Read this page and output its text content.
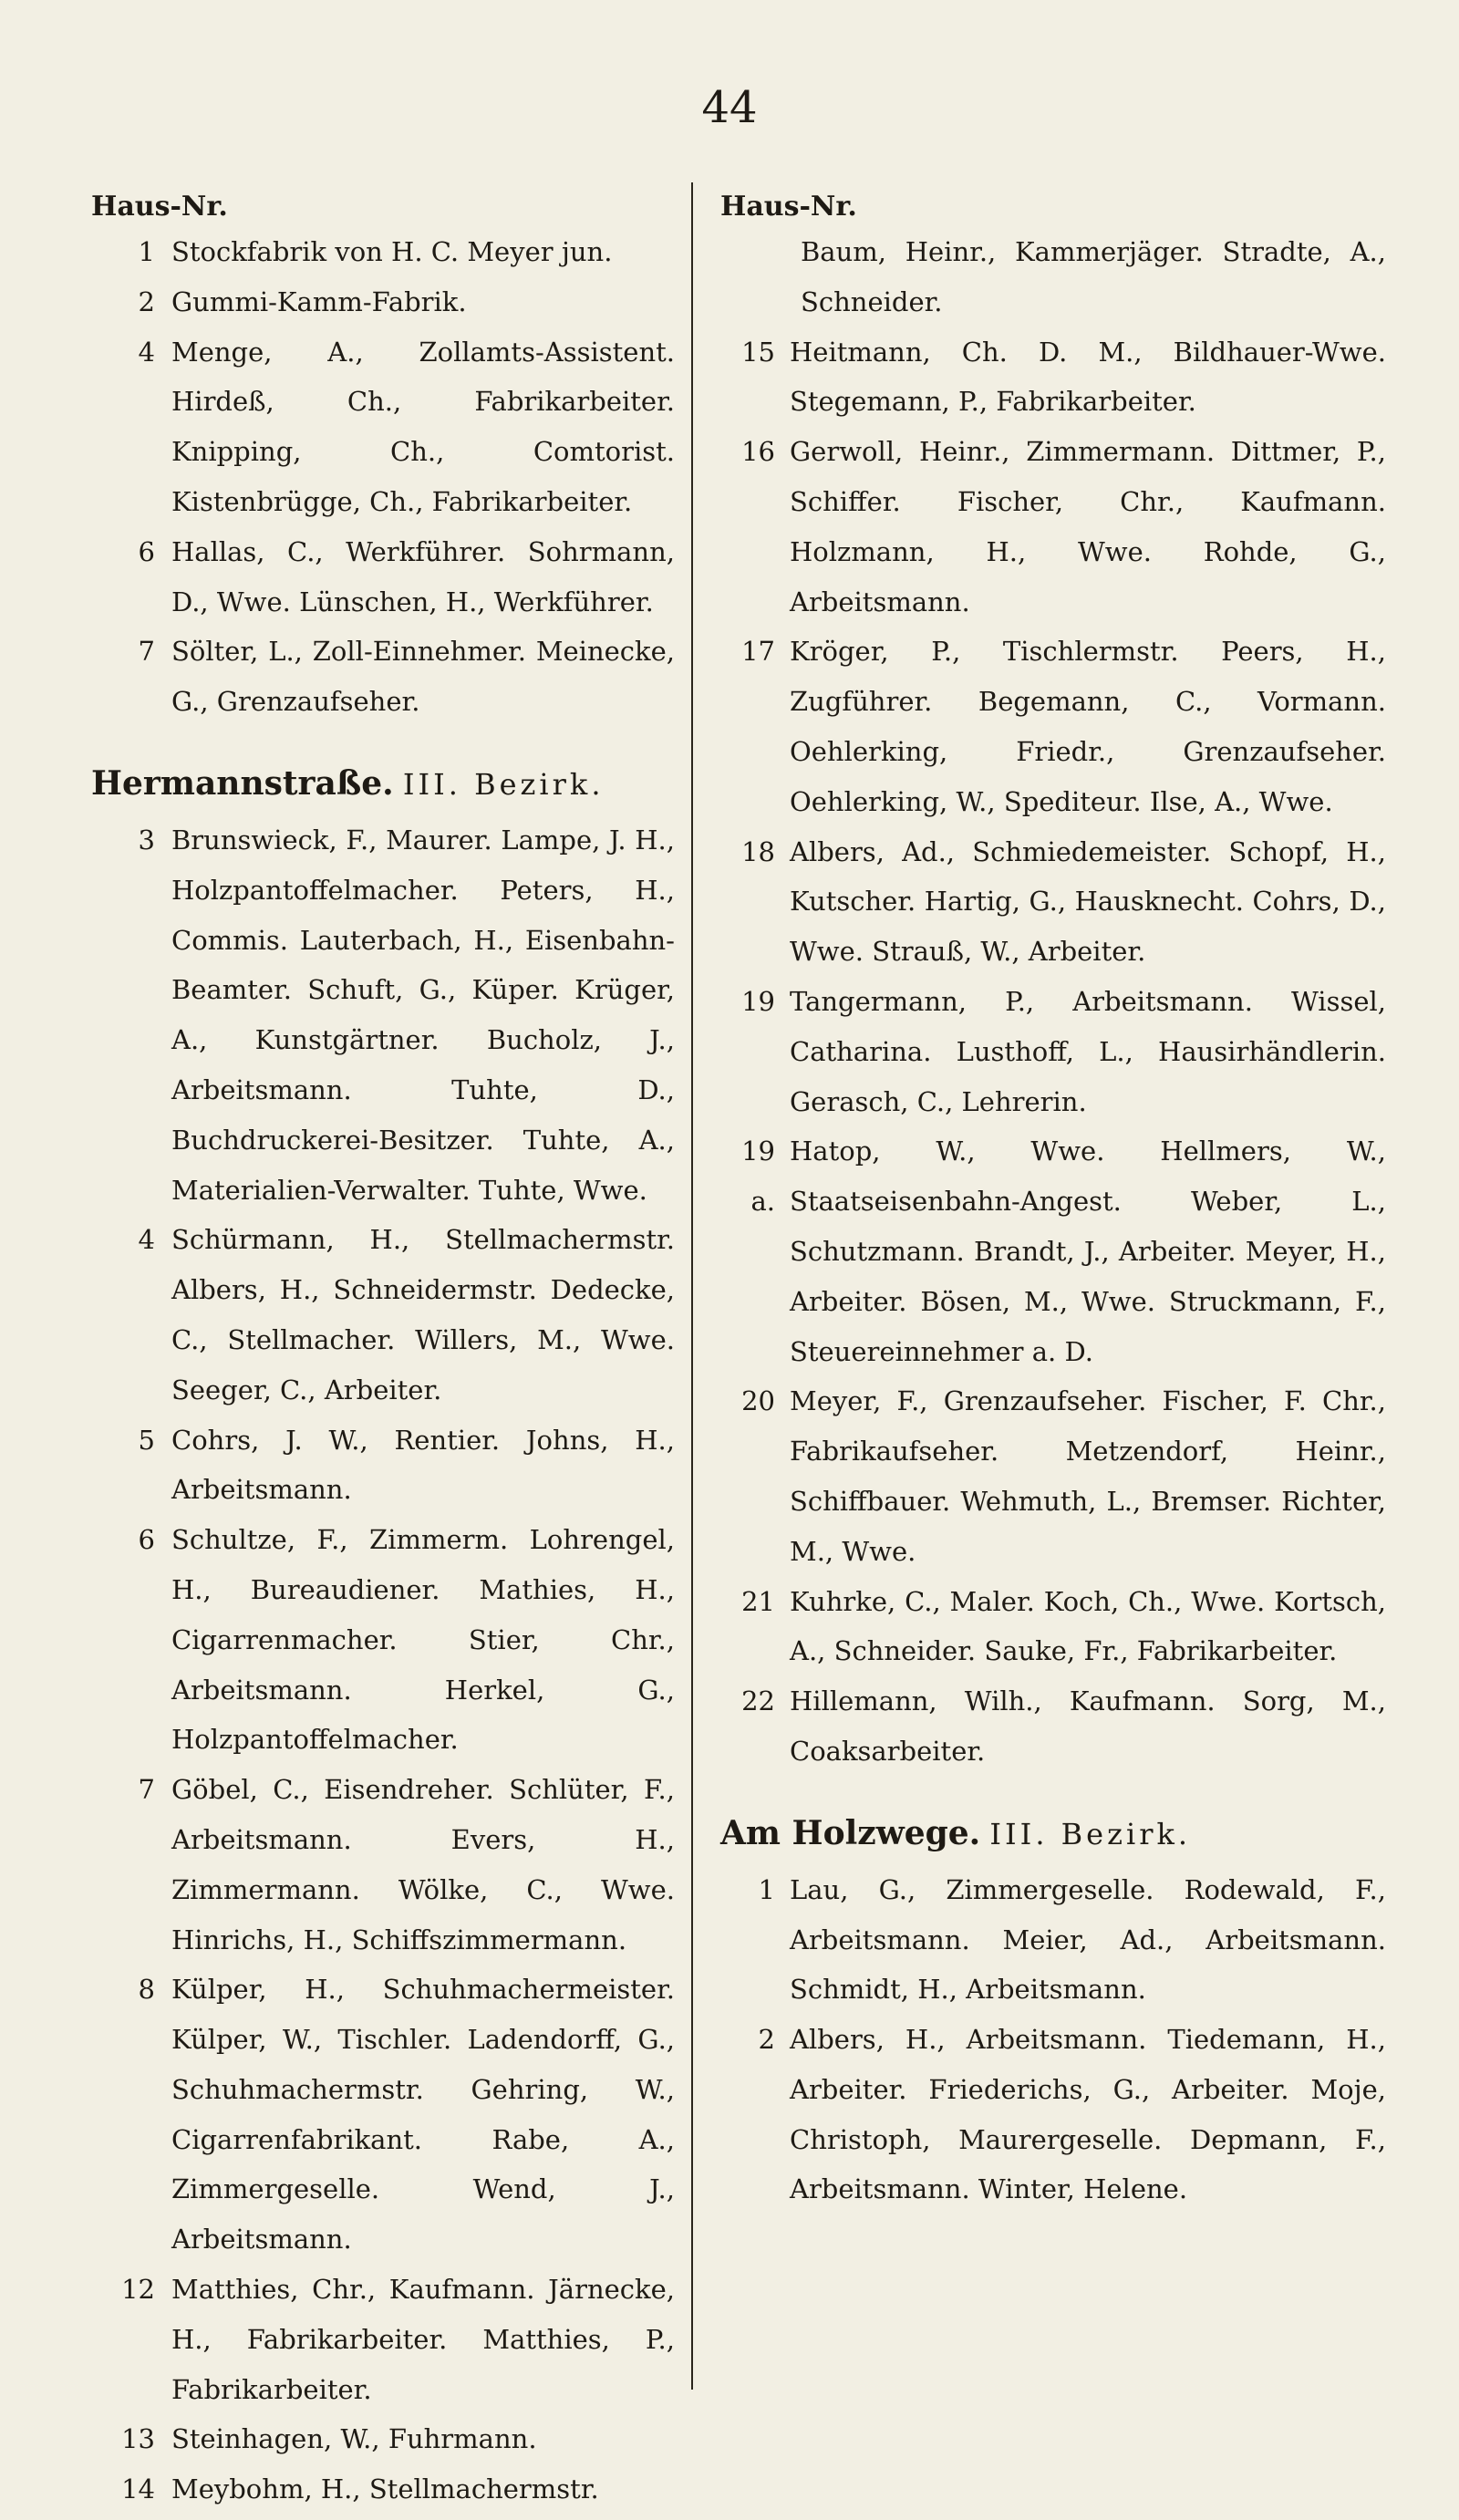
44
Haus-Nr.
1 Stockfabrik von H. C. Meyer jun.
2 Gummi-Kamm-Fabrik.
4 Menge, A., Zollamts-Assistent. Hirdeß, Ch., Fabrikarbeiter. Knipping, Ch., Comtorist. Kistenbrügge, Ch., Fabrikarbeiter.
6 Hallas, C., Werkführer. Sohrmann, D., Wwe. Lünschen, H., Werkführer.
7 Sölter, L., Zoll-Einnehmer. Meinecke, G., Grenzaufseher.
Hermannstraße. III. Bezirk.
3 Brunswieck, F., Maurer. Lampe, J. H., Holzpantoffelmacher. Peters, H., Commis. Lauterbach, H., Eisenbahn-Beamter. Schuft, G., Küper. Krüger, A., Kunstgärtner. Bucholz, J., Arbeitsmann. Tuhte, D., Buchdruckerei-Besitzer. Tuhte, A., Materialien-Verwalter. Tuhte, Wwe.
4 Schürmann, H., Stellmachermstr. Albers, H., Schneidermstr. Dedecke, C., Stellmacher. Willers, M., Wwe. Seeger, C., Arbeiter.
5 Cohrs, J. W., Rentier. Johns, H., Arbeitsmann.
6 Schultze, F., Zimmerm. Lohrengel, H., Bureaudiener. Mathies, H., Cigarrenmacher. Stier, Chr., Arbeitsmann. Herkel, G., Holzpantoffelmacher.
7 Göbel, C., Eisendreher. Schlüter, F., Arbeitsmann. Evers, H., Zimmermann. Wölke, C., Wwe. Hinrichs, H., Schiffszimmermann.
8 Külper, H., Schuhmachermeister. Külper, W., Tischler. Ladendorff, G., Schuhmachermstr. Gehring, W., Cigarrenfabrikant. Rabe, A., Zimmergeselle. Wend, J., Arbeitsmann.
12 Matthies, Chr., Kaufmann. Järnecke, H., Fabrikarbeiter. Matthies, P., Fabrikarbeiter.
13 Steinhagen, W., Fuhrmann.
14 Meybohm, H., Stellmachermstr.
Haus-Nr.
Baum, Heinr., Kammerjäger. Stradte, A., Schneider.
15 Heitmann, Ch. D. M., Bildhauer-Wwe. Stegemann, P., Fabrikarbeiter.
16 Gerwoll, Heinr., Zimmermann. Dittmer, P., Schiffer. Fischer, Chr., Kaufmann. Holzmann, H., Wwe. Rohde, G., Arbeitsmann.
17 Kröger, P., Tischlermstr. Peers, H., Zugführer. Begemann, C., Vormann. Oehlerking, Friedr., Grenzaufseher. Oehlerking, W., Spediteur. Ilse, A., Wwe.
18 Albers, Ad., Schmiedemeister. Schopf, H., Kutscher. Hartig, G., Hausknecht. Cohrs, D., Wwe. Strauß, W., Arbeiter.
19 Tangermann, P., Arbeitsmann. Wissel, Catharina. Lusthoff, L., Hausirhändlerin. Gerasch, C., Lehrerin.
19 a.
Hatop, W., Wwe. Hellmers, W., Staatseisenbahn-Angest. Weber, L., Schutzmann. Brandt, J., Arbeiter. Meyer, H., Arbeiter. Bösen, M., Wwe. Struckmann, F., Steuereinnehmer a. D.
20 Meyer, F., Grenzaufseher. Fischer, F. Chr., Fabrikaufseher. Metzendorf, Heinr., Schiffbauer. Wehmuth, L., Bremser. Richter, M., Wwe.
21 Kuhrke, C., Maler. Koch, Ch., Wwe. Kortsch, A., Schneider. Sauke, Fr., Fabrikarbeiter.
22 Hillemann, Wilh., Kaufmann. Sorg, M., Coaksarbeiter.
Am Holzwege. III. Bezirk.
1 Lau, G., Zimmergeselle. Rodewald, F., Arbeitsmann. Meier, Ad., Arbeitsmann. Schmidt, H., Arbeitsmann.
2 Albers, H., Arbeitsmann. Tiedemann, H., Arbeiter. Friederichs, G., Arbeiter. Moje, Christoph, Maurergeselle. Depmann, F., Arbeitsmann. Winter, Helene.
